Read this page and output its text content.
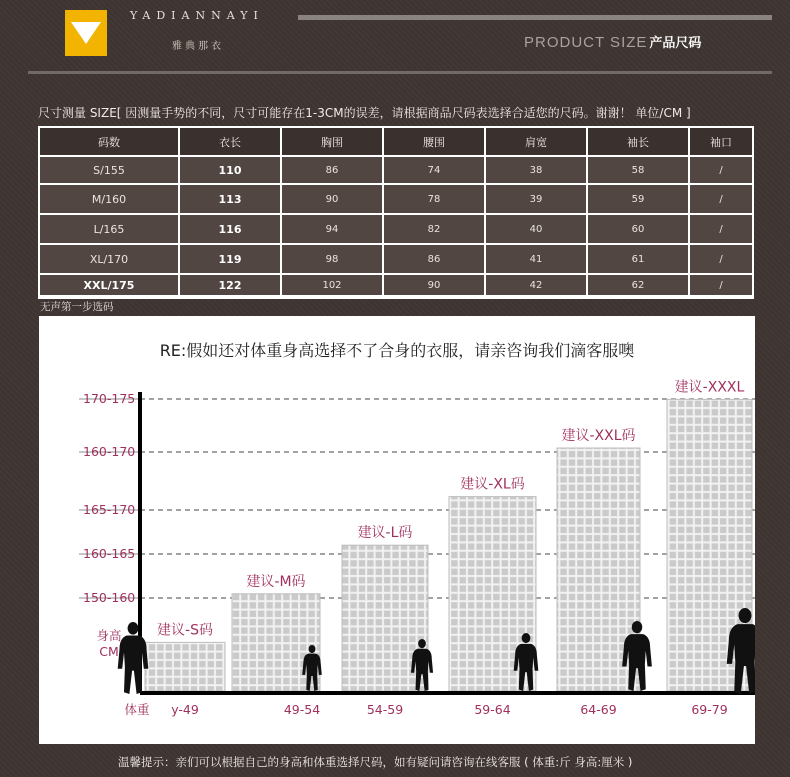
YADIANNAYI
雅典那衣	PRODUCT SIZE 产品尺码
尺寸测量 SIZE[ 因测量手势的不同，尺寸可能存在1-3CM的误差，请根据商品尺码表选择合适您的尺码。谢谢！ 单位/CM ]
码数	衣长	胸围	腰围	肩宽	袖长	袖口
S/155	110	86	74	38	58	/
M/160	113	90	78	39	59	/
L/165	116	94	82	40	60	/
XL/170	119	98	86	41	61	/
XXL/175	122	102	90	42	62	/
无声第一步选码
RE:假如还对体重身高选择不了合身的衣服，请亲咨询我们滴客服噢
150-160
160-165
165-170
160-170
170-175
建议-S码
y-49
建议-M码
49-54
建议-L码
54-59
建议-XL码
59-64
建议-XXL码
64-69
建议-XXXL
69-79
身高
CM
体重
温馨提示：亲们可以根据自己的身高和体重选择尺码，如有疑问请咨询在线客服 ( 体重:斤 身高:厘米 )
